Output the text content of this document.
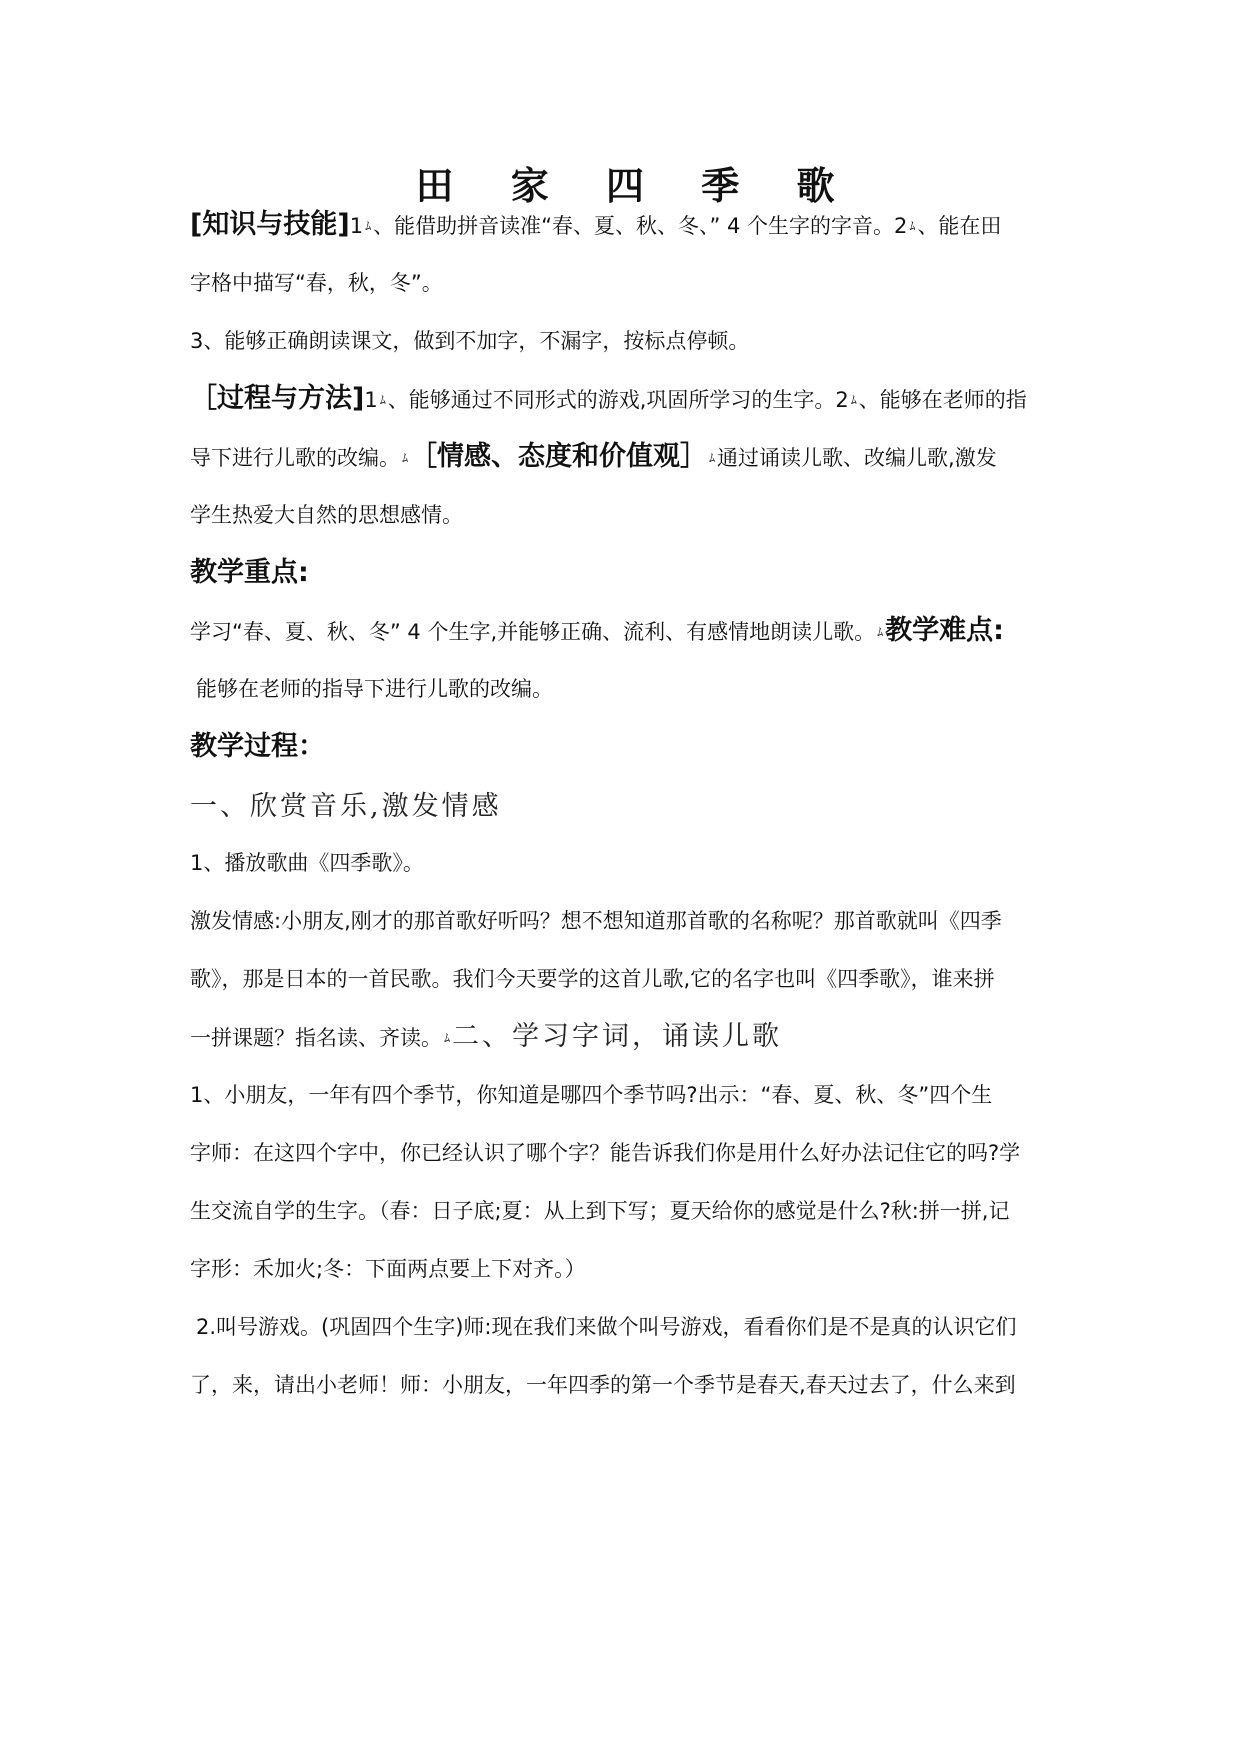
田 家 四 季 歌
[知识与技能]1 ﾑ、能借助拼音读准“春、夏、秋、冬、” 4 个生字的字音。2 ﾑ、能在田
字格中描写“春，秋，冬”。
3、能够正确朗读课文，做到不加字，不漏字，按标点停顿。
［过程与方法]1 ﾑ、能够通过不同形式的游戏,巩固所学习的生字。2 ﾑ、能够在老师的指
导下进行儿歌的改编。 ﾑ［情感、态度和价值观］ ﾑ通过诵读儿歌、改编儿歌,激发
学生热爱大自然的思想感情。
教学重点:
学习“春、夏、秋、冬” 4 个生字,并能够正确、流利、有感情地朗读儿歌。 ﾑ教学难点:
能够在老师的指导下进行儿歌的改编。
教学过程：
一、欣赏音乐,激发情感
1、播放歌曲《四季歌》。
激发情感:小朋友,刚才的那首歌好听吗？想不想知道那首歌的名称呢？那首歌就叫《四季
歌》，那是日本的一首民歌。我们今天要学的这首儿歌,它的名字也叫《四季歌》，谁来拼
一拼课题？指名读、齐读。 ﾑ二、学习字词，诵读儿歌
1、小朋友，一年有四个季节，你知道是哪四个季节吗?出示：“春、夏、秋、冬”四个生
字师：在这四个字中，你已经认识了哪个字？能告诉我们你是用什么好办法记住它的吗?学
生交流自学的生字。（春：日子底;夏：从上到下写；夏天给你的感觉是什么?秋:拼一拼,记
字形：禾加火;冬：下面两点要上下对齐。）
2.叫号游戏。(巩固四个生字)师:现在我们来做个叫号游戏，看看你们是不是真的认识它们
了，来，请出小老师！师：小朋友，一年四季的第一个季节是春天,春天过去了，什么来到
